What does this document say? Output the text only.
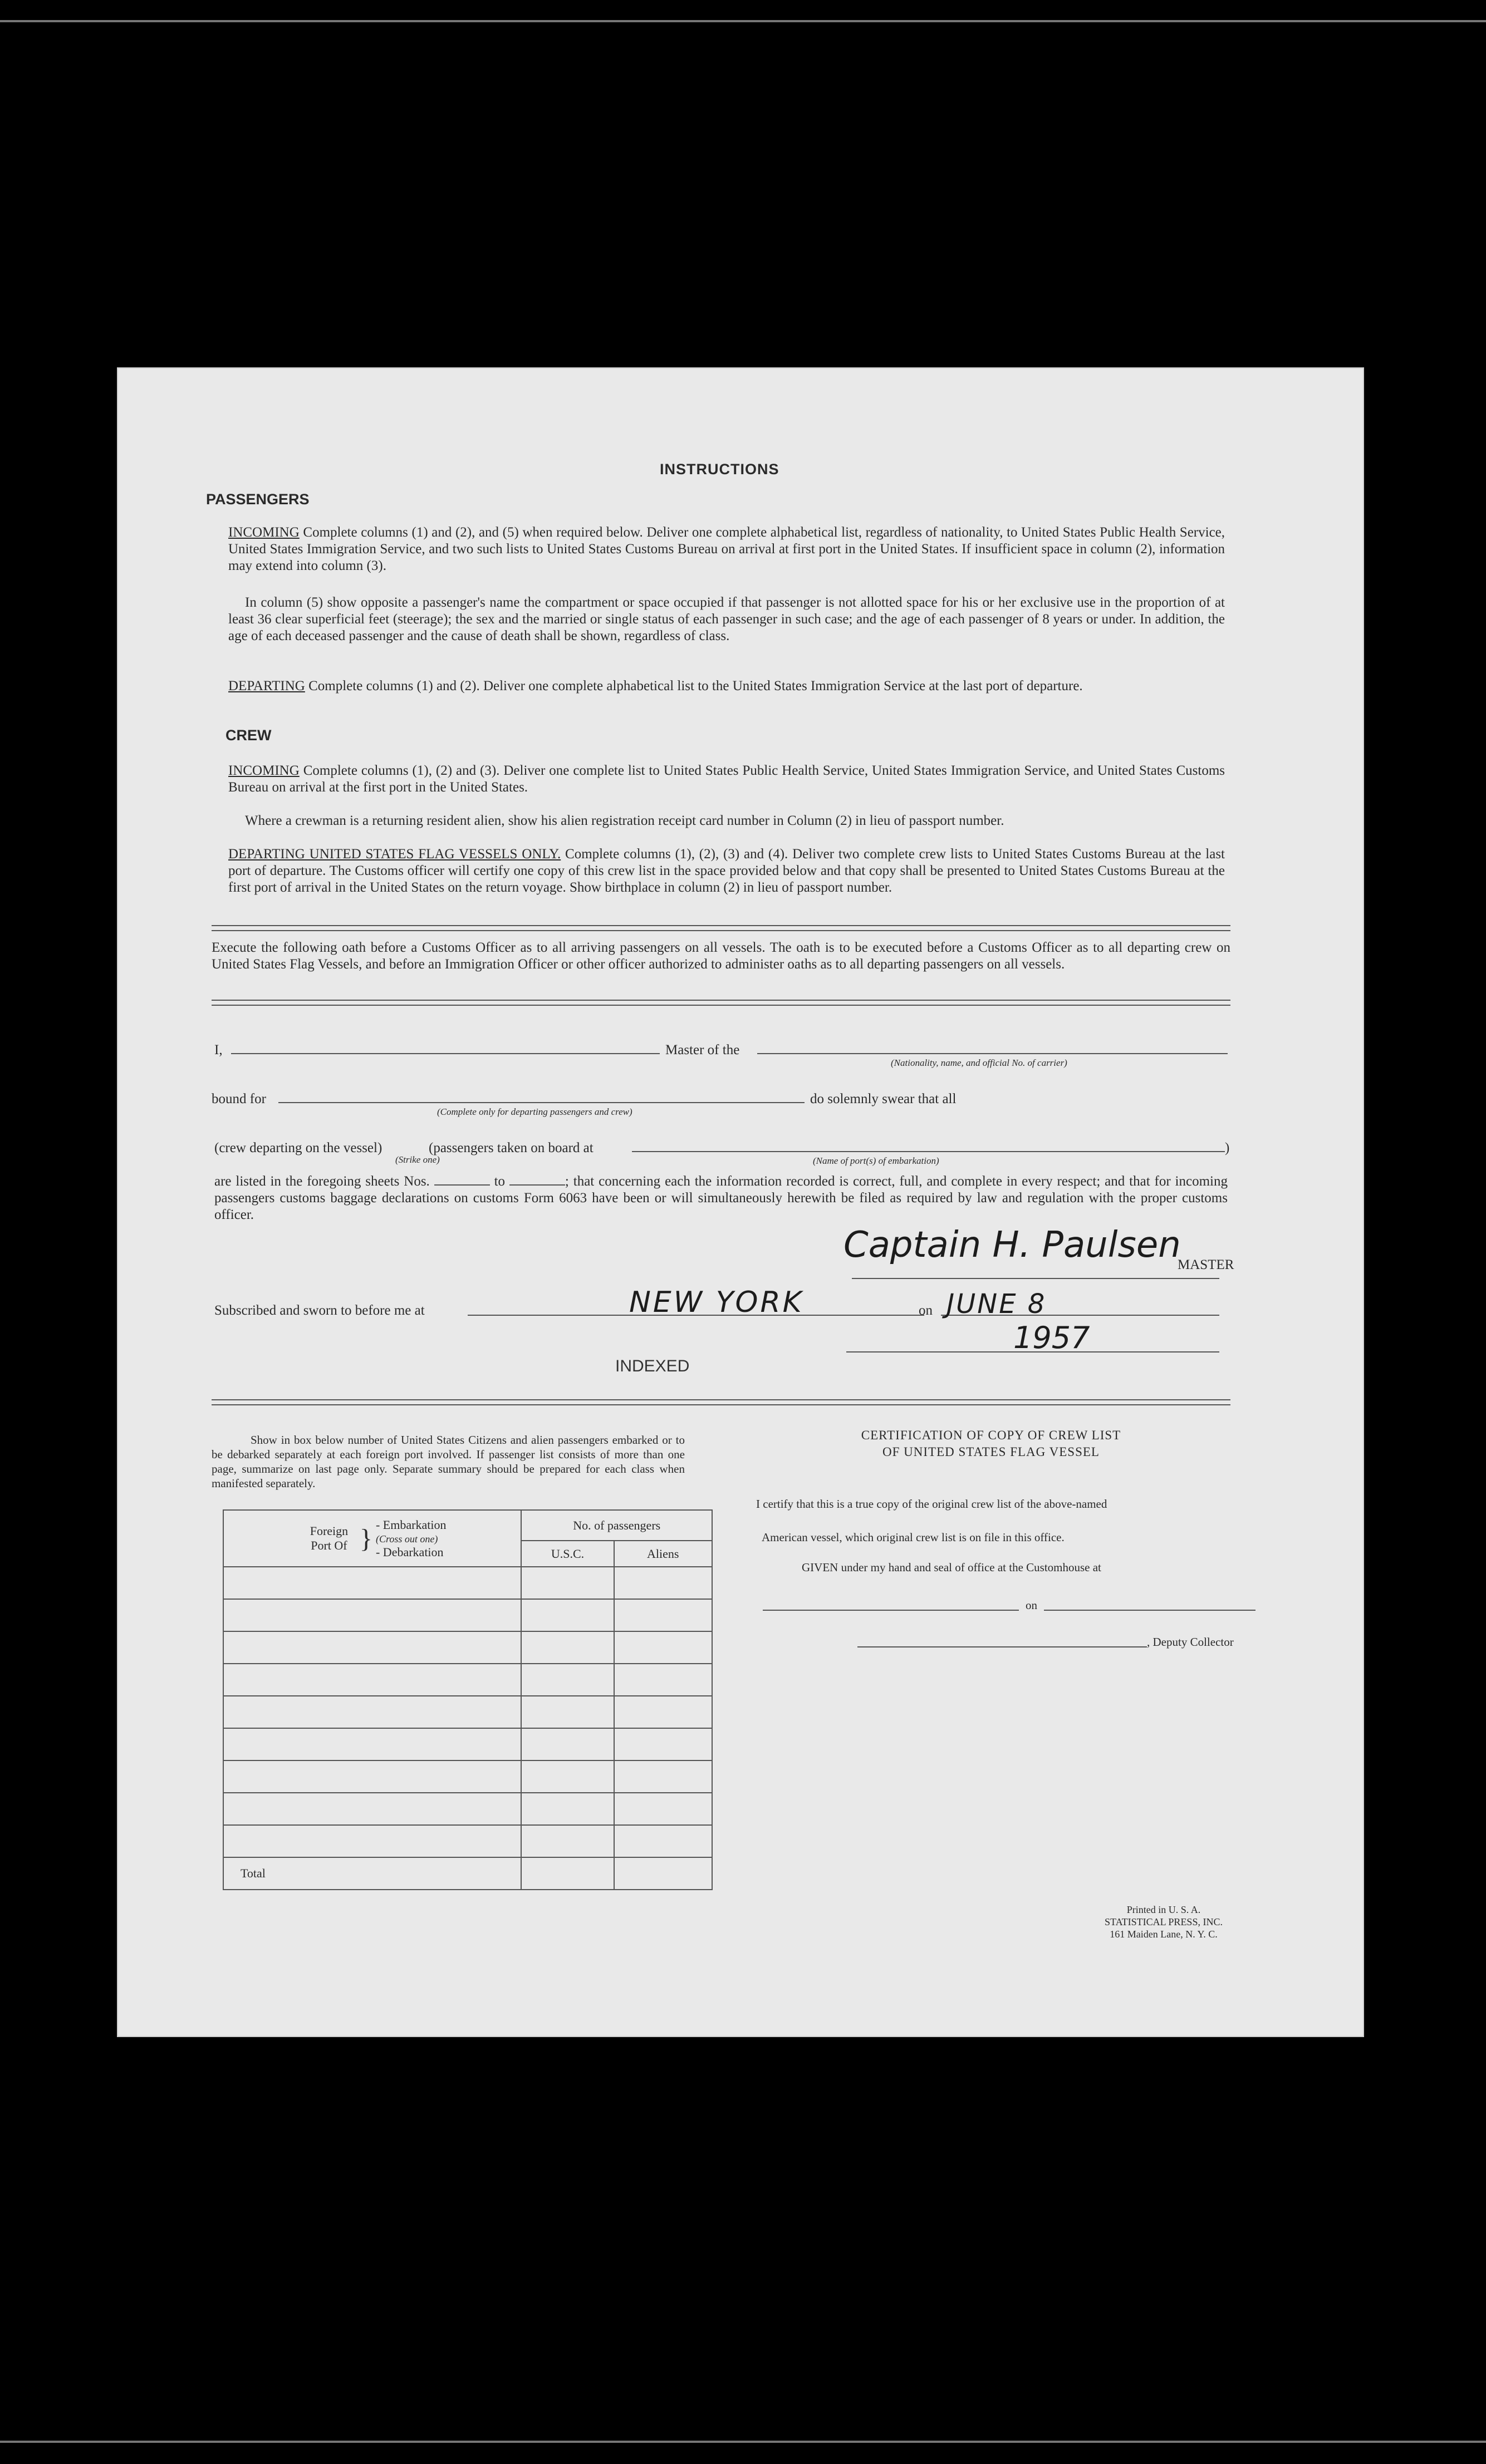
INSTRUCTIONS
PASSENGERS
INCOMING Complete columns (1) and (2), and (5) when required below. Deliver one complete alphabetical list, regardless of nationality, to United States Public Health Service, United States Immigration Service, and two such lists to United States Customs Bureau on arrival at first port in the United States. If insufficient space in column (2), information may extend into column (3).
In column (5) show opposite a passenger's name the compartment or space occupied if that passenger is not allotted space for his or her exclusive use in the proportion of at least 36 clear superficial feet (steerage); the sex and the married or single status of each passenger in such case; and the age of each passenger of 8 years or under. In addition, the age of each deceased passenger and the cause of death shall be shown, regardless of class.
DEPARTING Complete columns (1) and (2). Deliver one complete alphabetical list to the United States Immigration Service at the last port of departure.
CREW
INCOMING Complete columns (1), (2) and (3). Deliver one complete list to United States Public Health Service, United States Immigration Service, and United States Customs Bureau on arrival at the first port in the United States.
Where a crewman is a returning resident alien, show his alien registration receipt card number in Column (2) in lieu of passport number.
DEPARTING UNITED STATES FLAG VESSELS ONLY. Complete columns (1), (2), (3) and (4). Deliver two complete crew lists to United States Customs Bureau at the last port of departure. The Customs officer will certify one copy of this crew list in the space provided below and that copy shall be presented to United States Customs Bureau at the first port of arrival in the United States on the return voyage. Show birthplace in column (2) in lieu of passport number.
Execute the following oath before a Customs Officer as to all arriving passengers on all vessels. The oath is to be executed before a Customs Officer as to all departing crew on United States Flag Vessels, and before an Immigration Officer or other officer authorized to administer oaths as to all departing passengers on all vessels.
I,	Master of the
(Nationality, name, and official No. of carrier)
bound for
(Complete only for departing passengers and crew)
do solemnly swear that all
(crew departing on the vessel)
(Strike one)
(passengers taken on board at	)
(Name of port(s) of embarkation)
are listed in the foregoing sheets Nos.	to	; that concerning each the information recorded is correct, full, and complete in every respect; and that for incoming passengers customs baggage declarations on customs Form 6063 have been or will simultaneously herewith be filed as required by law and regulation with the proper customs officer.
Captain H. Paulsen
MASTER
Subscribed and sworn to before me at	NEW YORK	on JUNE 8
1957
INDEXED
Show in box below number of United States Citizens and alien passengers embarked or to be debarked separately at each foreign port involved. If passenger list consists of more than one page, summarize on last page only. Separate summary should be prepared for each class when manifested separately.
Foreign Port Of } - Embarkation
(Cross out one)
- Debarkation	No. of passengers	
	U.S.C.	Aliens

Total		
CERTIFICATION OF COPY OF CREW LIST
OF UNITED STATES FLAG VESSEL
I certify that this is a true copy of the original crew list of the above-named
American vessel, which original crew list is on file in this office.
GIVEN under my hand and seal of office at the Customhouse at
on
, Deputy Collector
Printed in U. S. A.
STATISTICAL PRESS, INC.
161 Maiden Lane, N. Y. C.
